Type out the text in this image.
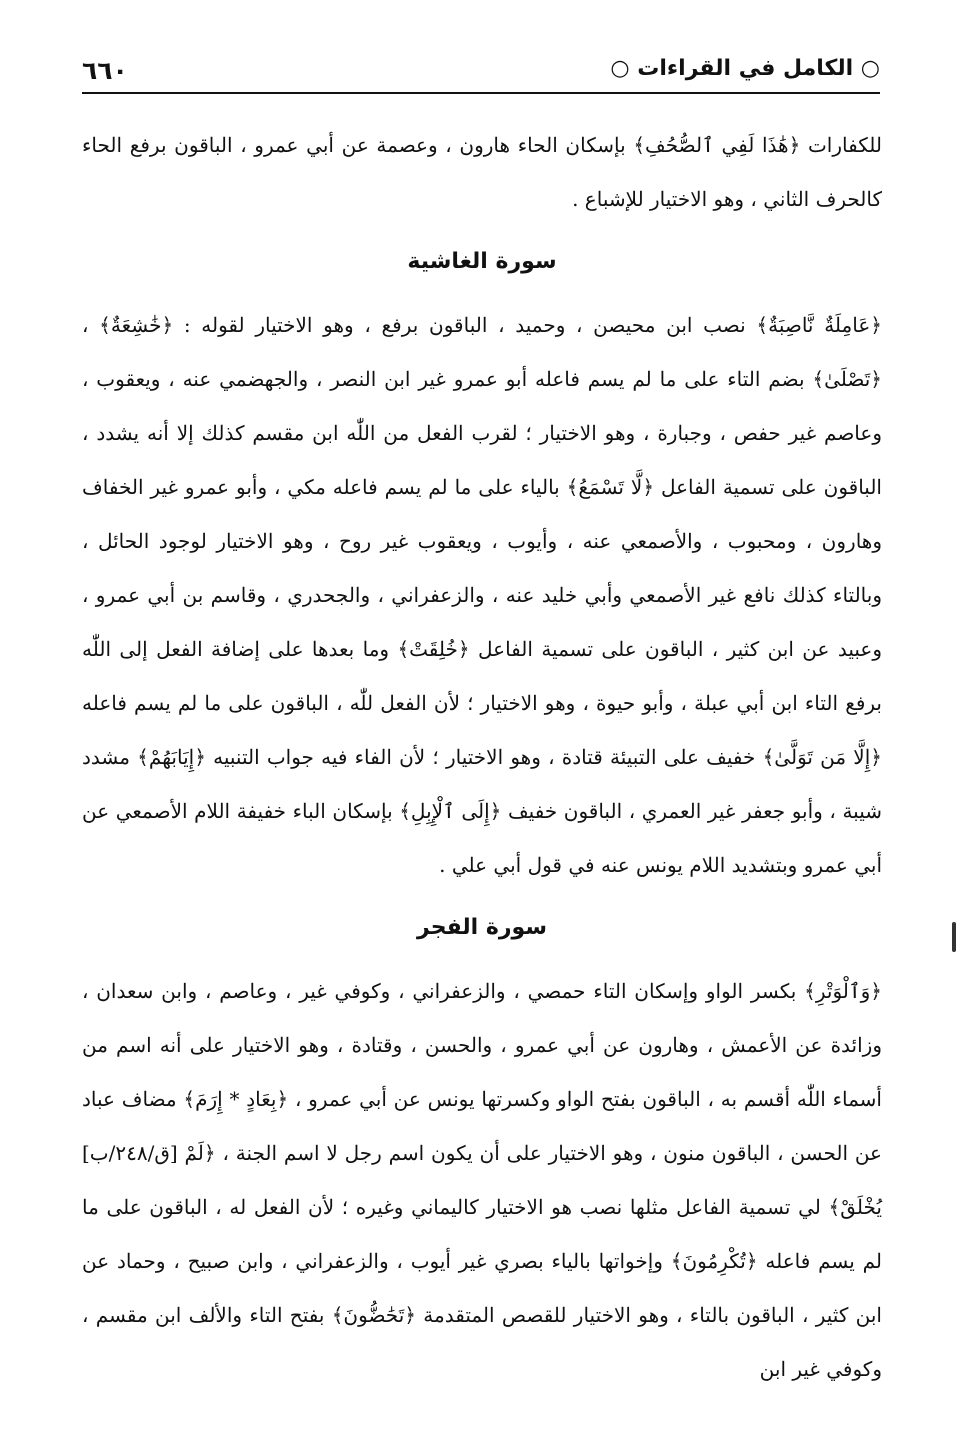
٦٦٠	○ الكامل في القراءات ○

للكفارات ﴿هَٰذَا لَفِي ٱلصُّحُفِ﴾ بإسكان الحاء هارون ، وعصمة عن أبي عمرو ، الباقون برفع الحاء كالحرف الثاني ، وهو الاختيار للإشباع .

سورة الغاشية

﴿عَامِلَةٌ نَّاصِبَةٌ﴾ نصب ابن محيصن ، وحميد ، الباقون برفع ، وهو الاختيار لقوله : ﴿خَٰشِعَةٌ﴾ ، ﴿تَصْلَىٰ﴾ بضم التاء على ما لم يسم فاعله أبو عمرو غير ابن النصر ، والجهضمي عنه ، ويعقوب ، وعاصم غير حفص ، وجبارة ، وهو الاختيار ؛ لقرب الفعل من اللّٰه ابن مقسم كذلك إلا أنه يشدد ، الباقون على تسمية الفاعل ﴿لَّا تَسْمَعُ﴾ بالياء على ما لم يسم فاعله مكي ، وأبو عمرو غير الخفاف وهارون ، ومحبوب ، والأصمعي عنه ، وأيوب ، ويعقوب غير روح ، وهو الاختيار لوجود الحائل ، وبالتاء كذلك نافع غير الأصمعي وأبي خليد عنه ، والزعفراني ، والجحدري ، وقاسم بن أبي عمرو ، وعبيد عن ابن كثير ، الباقون على تسمية الفاعل ﴿خُلِقَتْ﴾ وما بعدها على إضافة الفعل إلى اللّٰه برفع التاء ابن أبي عبلة ، وأبو حيوة ، وهو الاختيار ؛ لأن الفعل للّٰه ، الباقون على ما لم يسم فاعله ﴿إِلَّا مَن تَوَلَّىٰ﴾ خفيف على التبيئة قتادة ، وهو الاختيار ؛ لأن الفاء فيه جواب التنبيه ﴿إِيَابَهُمْ﴾ مشدد شيبة ، وأبو جعفر غير العمري ، الباقون خفيف ﴿إِلَى ٱلْإِبِلِ﴾ بإسكان الباء خفيفة اللام الأصمعي عن أبي عمرو وبتشديد اللام يونس عنه في قول أبي علي .

سورة الفجر

﴿وَٱلْوَتْرِ﴾ بكسر الواو وإسكان التاء حمصي ، والزعفراني ، وكوفي غير ، وعاصم ، وابن سعدان ، وزائدة عن الأعمش ، وهارون عن أبي عمرو ، والحسن ، وقتادة ، وهو الاختيار على أنه اسم من أسماء اللّٰه أقسم به ، الباقون بفتح الواو وكسرتها يونس عن أبي عمرو ، ﴿بِعَادٍ * إِرَمَ﴾ مضاف عباد عن الحسن ، الباقون منون ، وهو الاختيار على أن يكون اسم رجل لا اسم الجنة ، ﴿لَمْ [ق/٢٤٨/ب] يُخْلَقْ﴾ لي تسمية الفاعل مثلها نصب هو الاختيار كاليماني وغيره ؛ لأن الفعل له ، الباقون على ما لم يسم فاعله ﴿تُكْرِمُونَ﴾ وإخواتها بالياء بصري غير أيوب ، والزعفراني ، وابن صبيح ، وحماد عن ابن كثير ، الباقون بالتاء ، وهو الاختيار للقصص المتقدمة ﴿تَحَٰضُّونَ﴾ بفتح التاء والألف ابن مقسم ، وكوفي غير ابن
